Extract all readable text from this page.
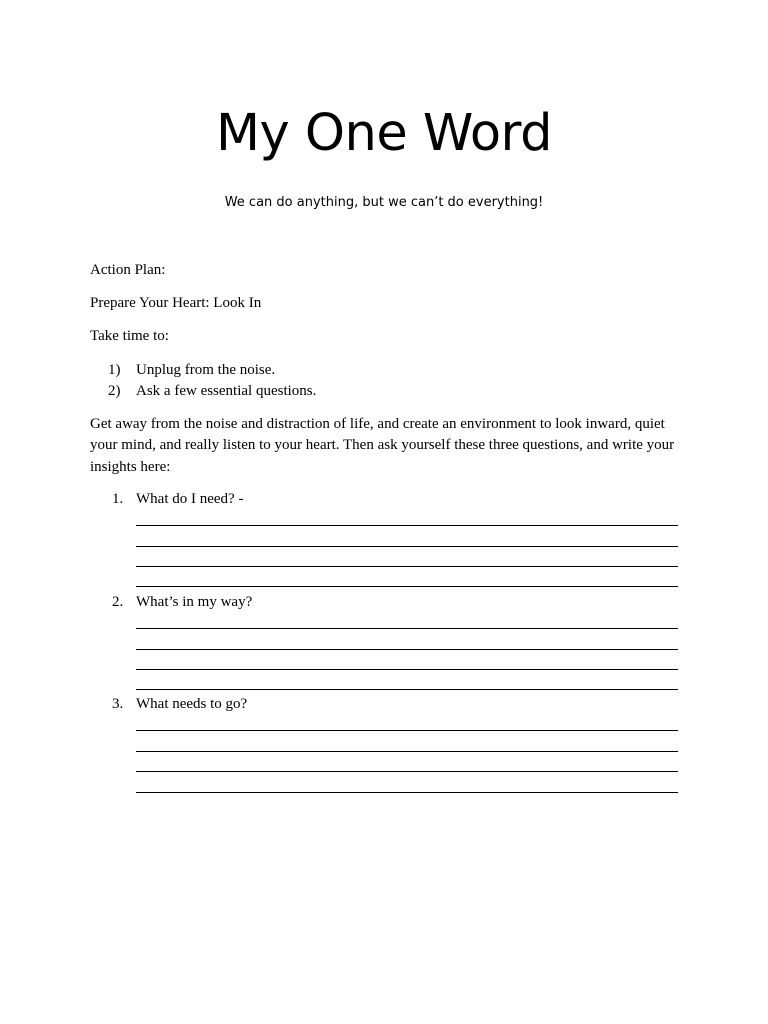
My One Word

We can do anything, but we can’t do everything!

Action Plan:

Prepare Your Heart: Look In

Take time to:

1)	Unplug from the noise.
2)	Ask a few essential questions.

Get away from the noise and distraction of life, and create an environment to look inward, quiet your mind, and really listen to your heart. Then ask yourself these three questions, and write your insights here:

1. What do I need? -
2. What’s in my way?
3. What needs to go?
